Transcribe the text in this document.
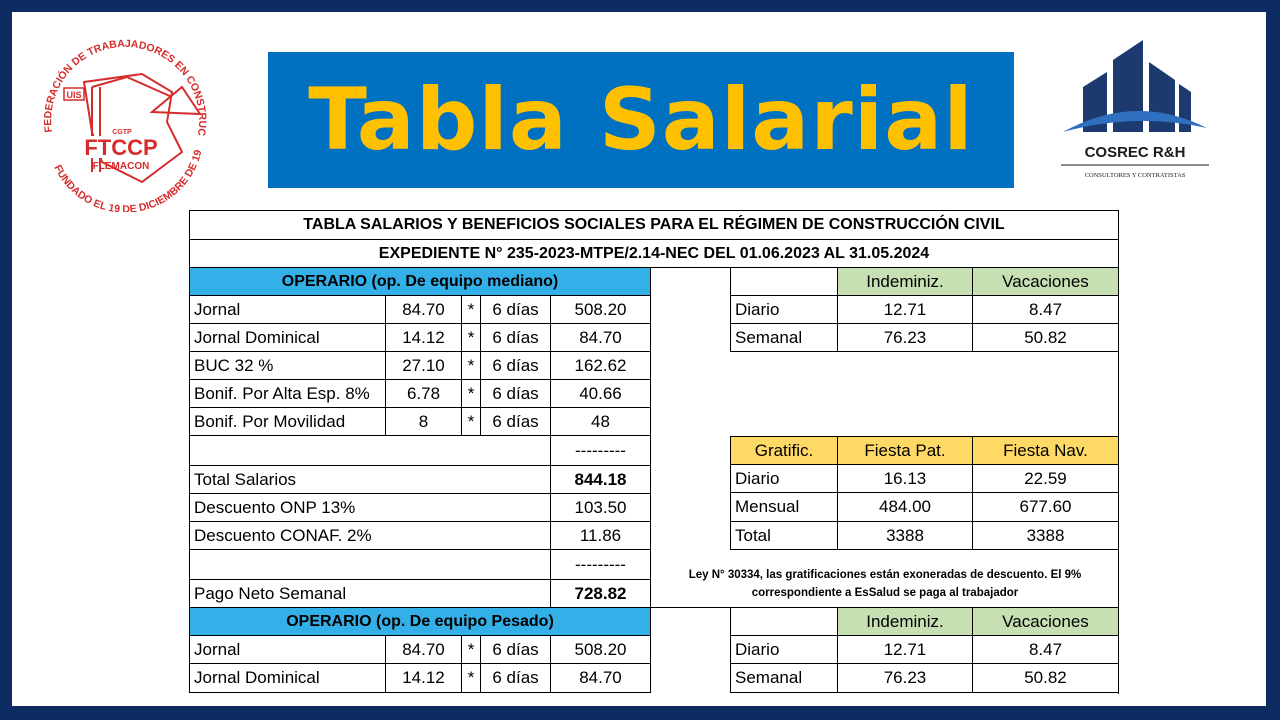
FEDERACIÓN DE TRABAJADORES EN CONSTRUC
FUNDADO EL 19 DE DICIEMBRE DE 19
UIS
CGTP
FTCCP
FLEMACON Tabla Salarial	COSREC R&H
CONSULTORES Y CONTRATISTAS
TABLA SALARIOS Y BENEFICIOS SOCIALES PARA EL RÉGIMEN DE CONSTRUCCIÓN CIVIL
EXPEDIENTE N° 235-2023-MTPE/2.14-NEC DEL 01.06.2023 AL 31.05.2024
OPERARIO (op. De equipo mediano)
Jornal	84.70	*	6 días	508.20
Jornal Dominical	14.12	*	6 días	84.70
BUC 32 %	27.10	*	6 días	162.62
Bonif. Por Alta Esp. 8%	6.78	*	6 días	40.66
Bonif. Por Movilidad	8	*	6 días	48
---------
Total Salarios	844.18
Descuento ONP 13%	103.50
Descuento CONAF. 2%	11.86
---------
Pago Neto Semanal	728.82
OPERARIO (op. De equipo Pesado)
Jornal	84.70	*	6 días	508.20
Jornal Dominical	14.12	*	6 días	84.70
Indeminiz.	Vacaciones
Diario	12.71	8.47
Semanal	76.23	50.82
Gratific.	Fiesta Pat.	Fiesta Nav.
Diario	16.13	22.59
Mensual	484.00	677.60
Total	3388	3388
Ley N° 30334, las gratificaciones están exoneradas de descuento. El 9% correspondiente a EsSalud se paga al trabajador
Indeminiz.	Vacaciones
Diario	12.71	8.47
Semanal	76.23	50.82
